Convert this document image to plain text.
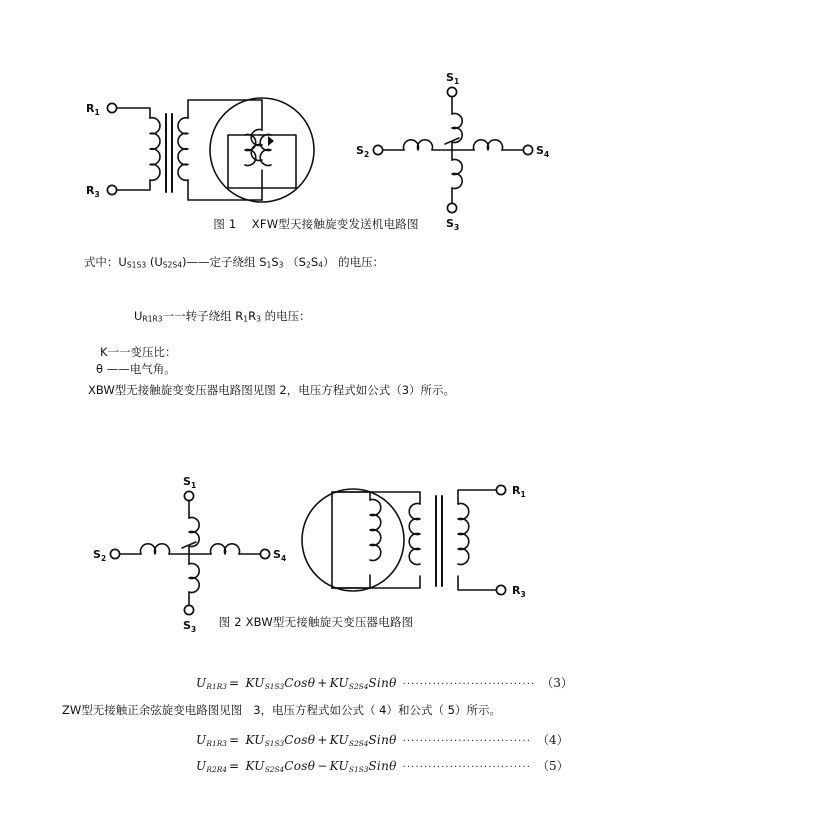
$R_1$
$R_3$
$S_1$
$S_2$	$S_4$
$S_3$
图 1    XFW型天接触旋变发送机电路图

式中：$U_{S1S3}$ $(U_{S2S4})——$定子绕组 $S_1S_3$ $(S_2S_4)$ 的电压：

$U_{R1R3}$一一转子绕组 $R_1R_3$ 的电压：

K一一变压比：
θ ——电气角。
XBW型无接触旋变变压器电路图见图 2，电压方程式如公式（3）所示。
$S_1$
$S_2$	$S_4$
$S_3$
$R_1$
$R_3$
图 2 XBW型无接触旋天变压器电路图
$U_{R1R3} = KU_{S1S3}Cos\theta + KU_{S2S4}Sin\theta$ ······························· （3）
ZW型无接触正余弦旋变电路图见图   3，电压方程式如公式（ 4）和公式（ 5）所示。
$U_{R1R3} = KU_{S1S3}Cos\theta + KU_{S2S4}Sin\theta$ ······························ （4）
$U_{R2R4} = KU_{S2S4}Cos\theta - KU_{S1S3}Sin\theta$ ······························ （5）
